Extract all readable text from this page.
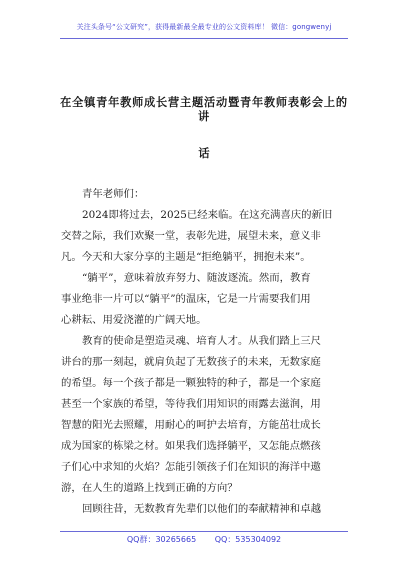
关注头条号“公文研究”，获得最新最全最专业的公文资料库！ 微信：gongwenyj
在全镇青年教师成长营主题活动暨青年教师表彰会上的讲
话

青年老师们：

2024即将过去，2025已经来临。在这充满喜庆的新旧

交替之际，我们欢聚一堂，表彰先进，展望未来，意义非

凡。今天和大家分享的主题是“拒绝躺平，拥抱未来”。

“躺平”，意味着放弃努力、随波逐流。然而，教育

事业绝非一片可以“躺平”的温床，它是一片需要我们用

心耕耘、用爱浇灌的广阔天地。

教育的使命是塑造灵魂、培育人才。从我们踏上三尺

讲台的那一刻起，就肩负起了无数孩子的未来，无数家庭

的希望。每一个孩子都是一颗独特的种子，都是一个家庭

甚至一个家族的希望，等待我们用知识的雨露去滋润，用

智慧的阳光去照耀，用耐心的呵护去培育，方能茁壮成长

成为国家的栋梁之材。如果我们选择躺平，又怎能点燃孩

子们心中求知的火焰？怎能引领孩子们在知识的海洋中遨

游，在人生的道路上找到正确的方向？

回顾往昔，无数教育先辈们以他们的奉献精神和卓越

QQ群：30265665 QQ：535304092
